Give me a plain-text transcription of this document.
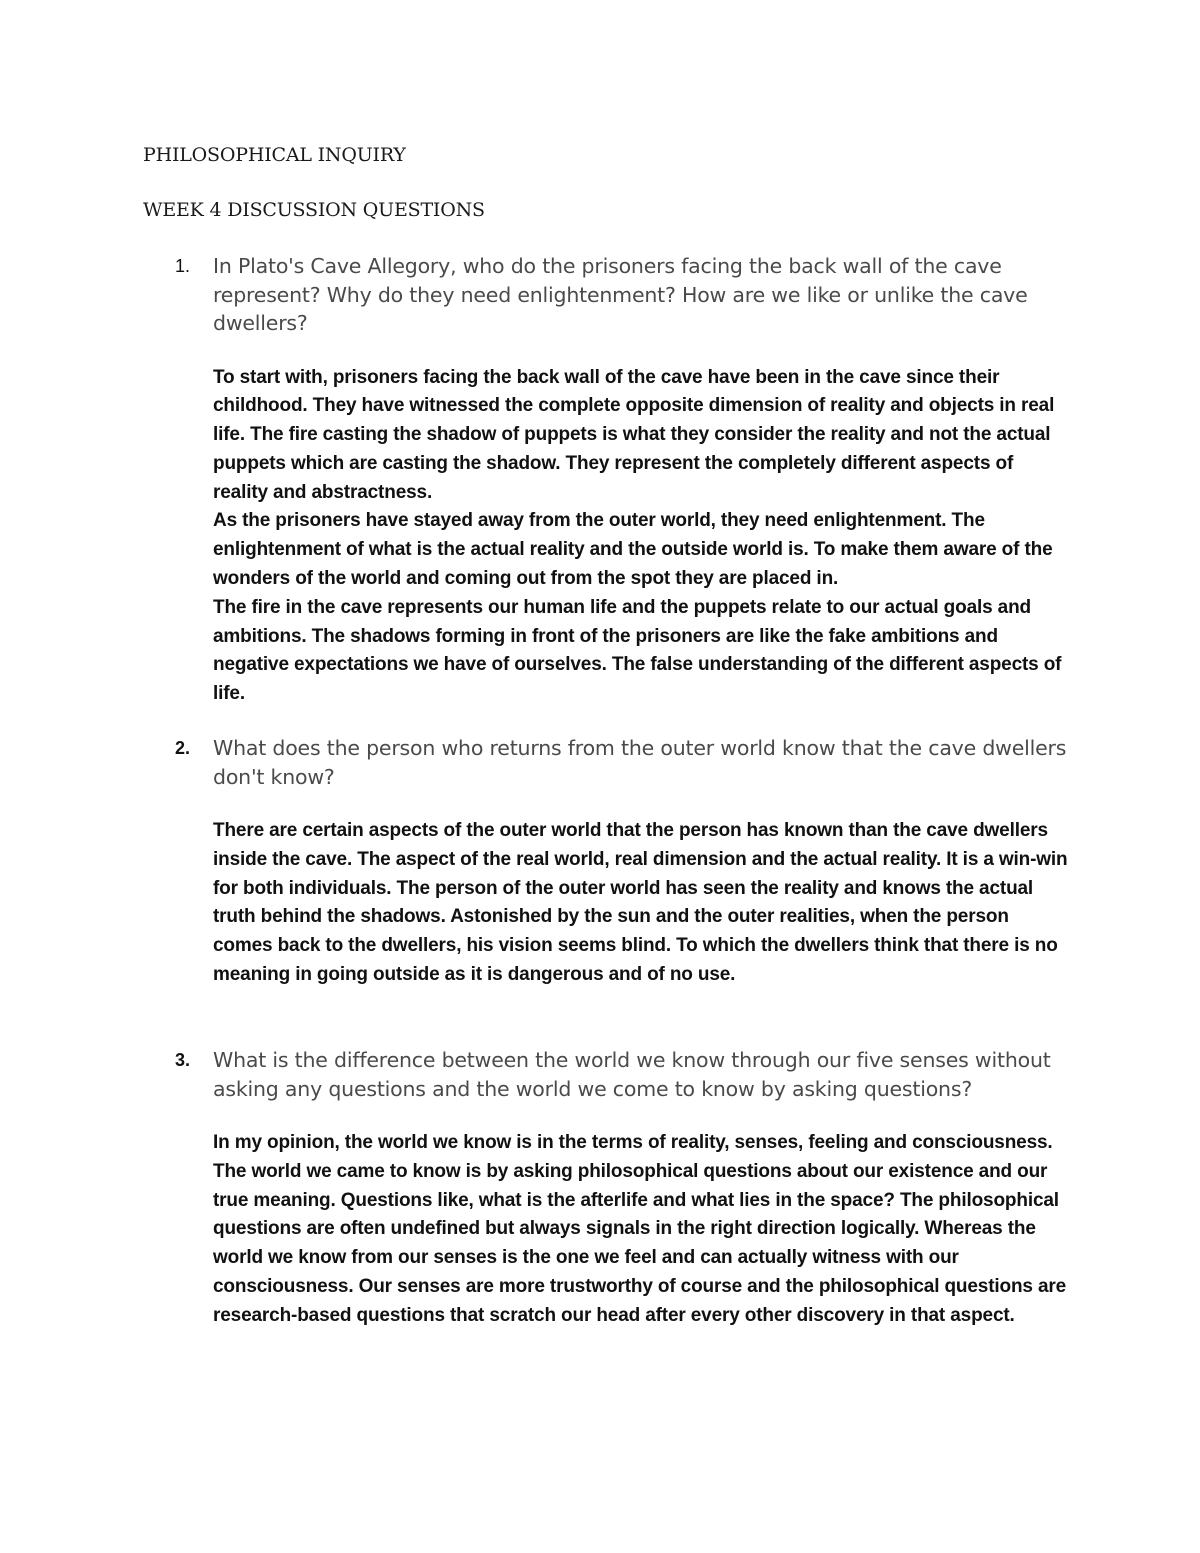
PHILOSOPHICAL INQUIRY
WEEK 4 DISCUSSION QUESTIONS
1. In Plato's Cave Allegory, who do the prisoners facing the back wall of the cave represent? Why do they need enlightenment? How are we like or unlike the cave dwellers?

To start with, prisoners facing the back wall of the cave have been in the cave since their childhood. They have witnessed the complete opposite dimension of reality and objects in real life. The fire casting the shadow of puppets is what they consider the reality and not the actual puppets which are casting the shadow. They represent the completely different aspects of reality and abstractness.

As the prisoners have stayed away from the outer world, they need enlightenment. The enlightenment of what is the actual reality and the outside world is. To make them aware of the wonders of the world and coming out from the spot they are placed in.

The fire in the cave represents our human life and the puppets relate to our actual goals and ambitions. The shadows forming in front of the prisoners are like the fake ambitions and negative expectations we have of ourselves. The false understanding of the different aspects of life.

2. What does the person who returns from the outer world know that the cave dwellers don't know?

There are certain aspects of the outer world that the person has known than the cave dwellers inside the cave. The aspect of the real world, real dimension and the actual reality. It is a win-win for both individuals. The person of the outer world has seen the reality and knows the actual truth behind the shadows. Astonished by the sun and the outer realities, when the person comes back to the dwellers, his vision seems blind. To which the dwellers think that there is no meaning in going outside as it is dangerous and of no use.

3. What is the difference between the world we know through our five senses without asking any questions and the world we come to know by asking questions?

In my opinion, the world we know is in the terms of reality, senses, feeling and consciousness. The world we came to know is by asking philosophical questions about our existence and our true meaning. Questions like, what is the afterlife and what lies in the space? The philosophical questions are often undefined but always signals in the right direction logically. Whereas the world we know from our senses is the one we feel and can actually witness with our consciousness. Our senses are more trustworthy of course and the philosophical questions are research-based questions that scratch our head after every other discovery in that aspect.
